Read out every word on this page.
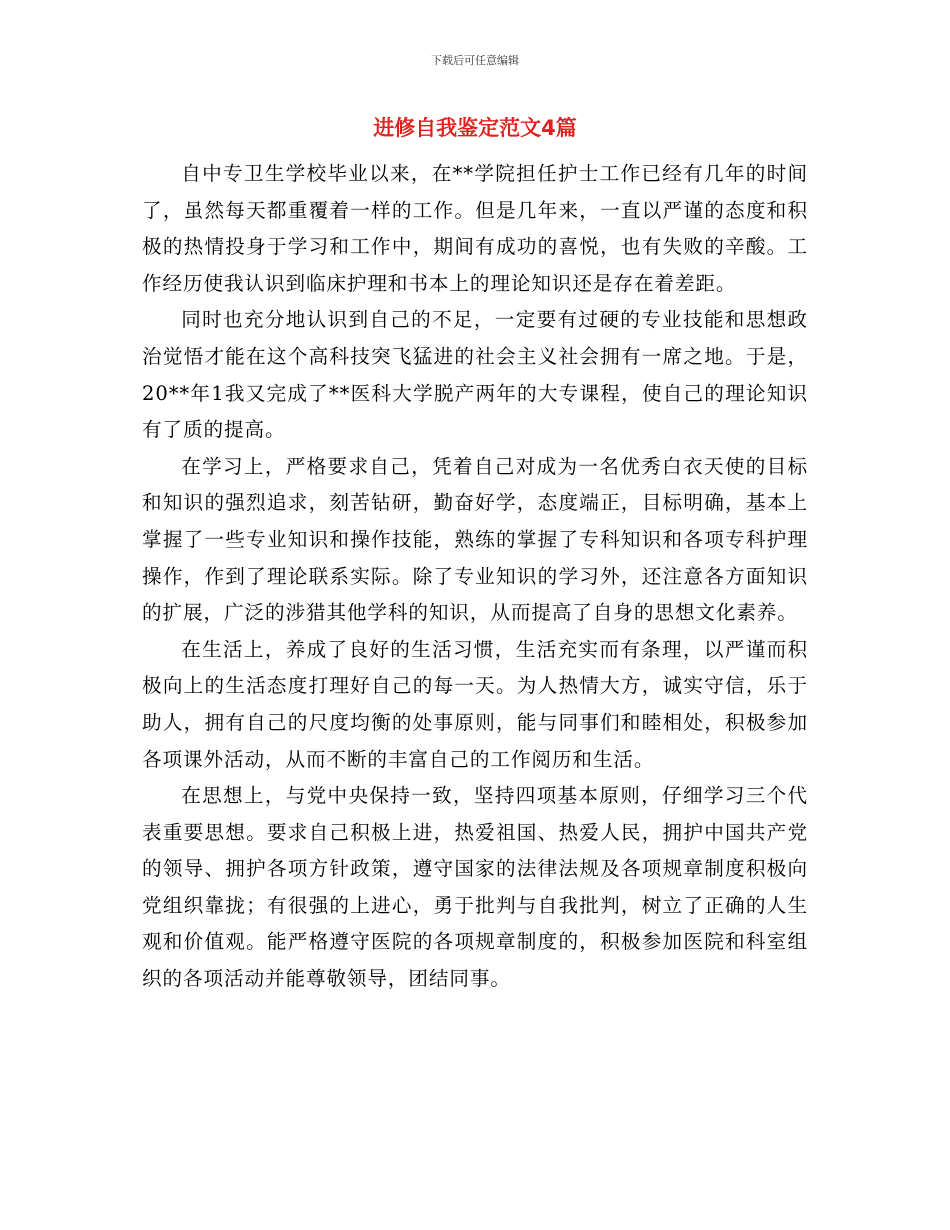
下载后可任意编辑
进修自我鉴定范文4篇

自中专卫生学校毕业以来，在**学院担任护士工作已经有几年的时间了，虽然每天都重覆着一样的工作。但是几年来，一直以严谨的态度和积极的热情投身于学习和工作中，期间有成功的喜悦，也有失败的辛酸。工作经历使我认识到临床护理和书本上的理论知识还是存在着差距。

同时也充分地认识到自己的不足，一定要有过硬的专业技能和思想政治觉悟才能在这个高科技突飞猛进的社会主义社会拥有一席之地。于是，20**年1我又完成了**医科大学脱产两年的大专课程，使自己的理论知识有了质的提高。

在学习上，严格要求自己，凭着自己对成为一名优秀白衣天使的目标和知识的强烈追求，刻苦钻研，勤奋好学，态度端正，目标明确，基本上掌握了一些专业知识和操作技能，熟练的掌握了专科知识和各项专科护理操作，作到了理论联系实际。除了专业知识的学习外，还注意各方面知识的扩展，广泛的涉猎其他学科的知识，从而提高了自身的思想文化素养。

在生活上，养成了良好的生活习惯，生活充实而有条理，以严谨而积极向上的生活态度打理好自己的每一天。为人热情大方，诚实守信，乐于助人，拥有自己的尺度均衡的处事原则，能与同事们和睦相处，积极参加各项课外活动，从而不断的丰富自己的工作阅历和生活。

在思想上，与党中央保持一致，坚持四项基本原则，仔细学习三个代表重要思想。要求自己积极上进，热爱祖国、热爱人民，拥护中国共产党的领导、拥护各项方针政策，遵守国家的法律法规及各项规章制度积极向党组织靠拢；有很强的上进心，勇于批判与自我批判，树立了正确的人生观和价值观。能严格遵守医院的各项规章制度的，积极参加医院和科室组织的各项活动并能尊敬领导，团结同事。
